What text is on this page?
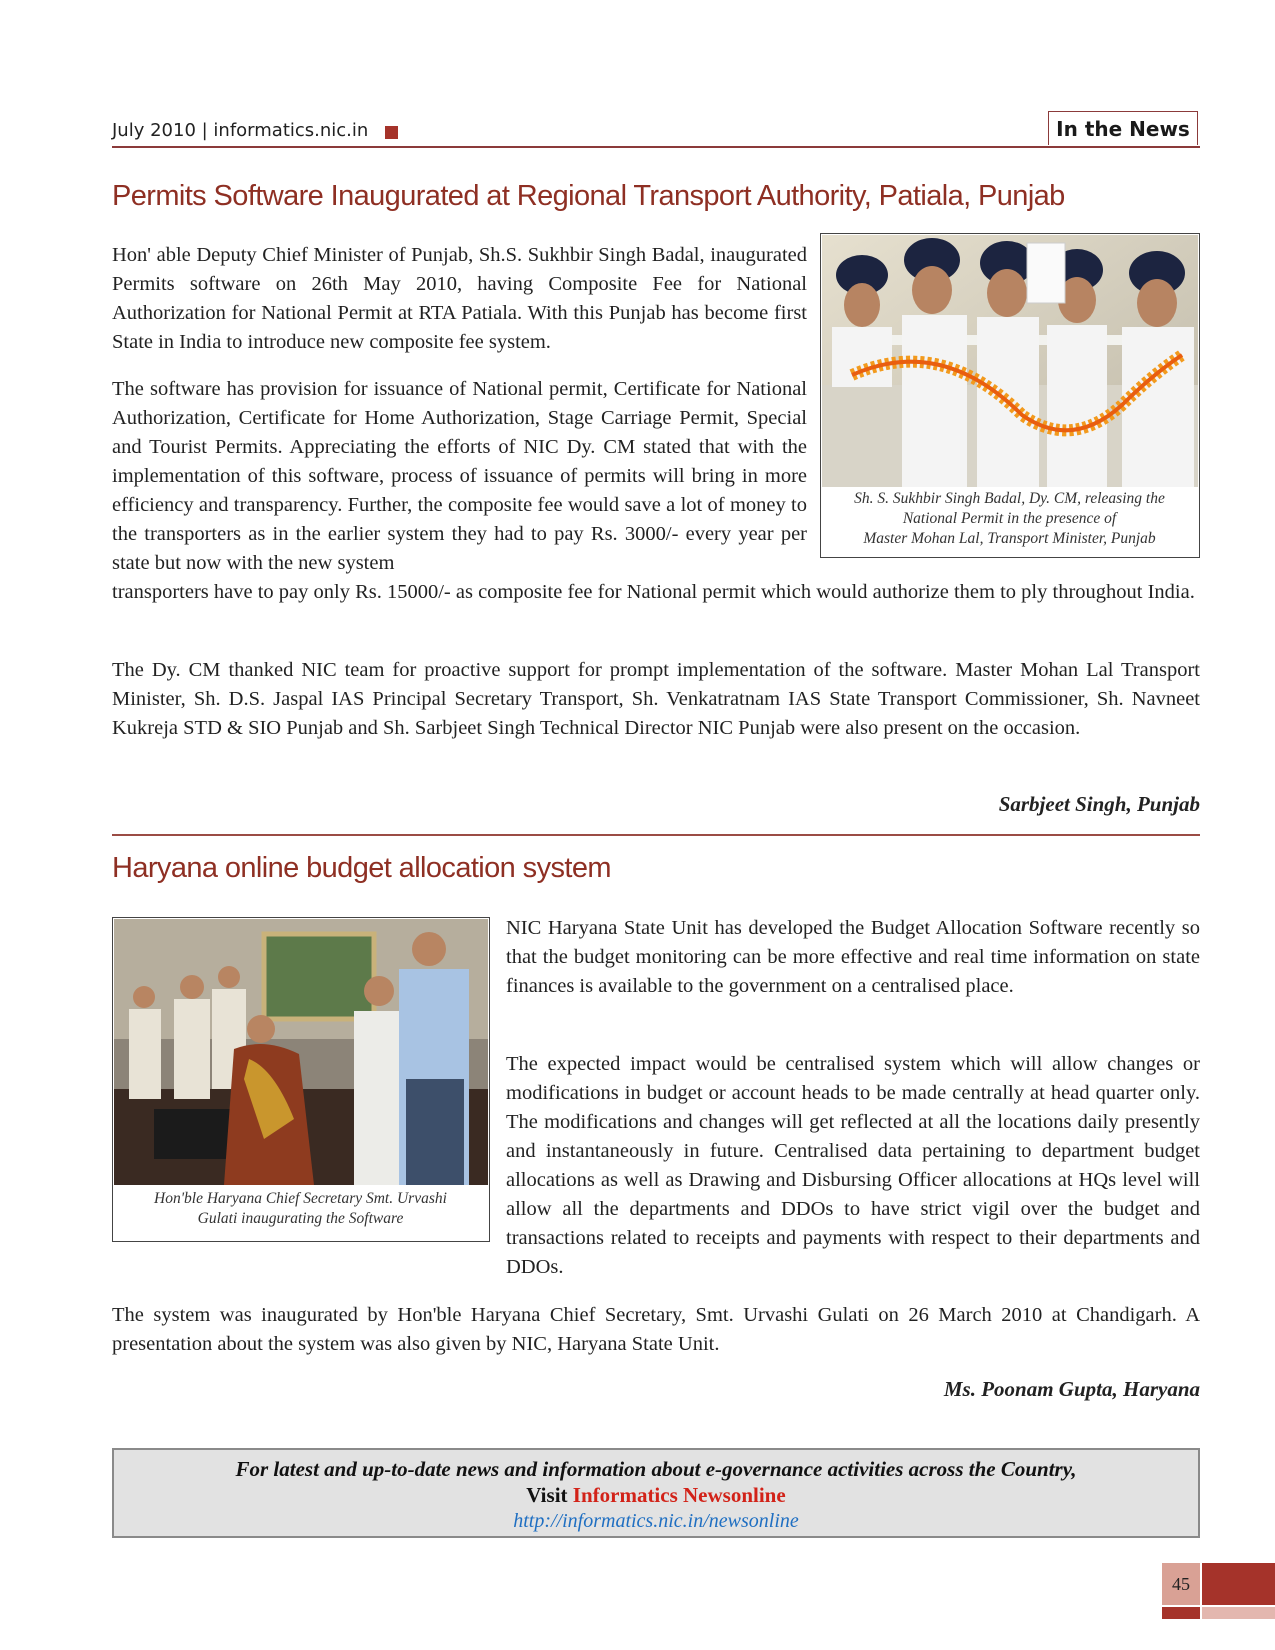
July 2010 | informatics.nic.in	In the News
Permits Software Inaugurated at Regional Transport Authority, Patiala, Punjab
Hon' able Deputy Chief Minister of Punjab, Sh.S. Sukhbir Singh Badal, inaugurated Permits software on 26th May 2010, having Composite Fee for National Authorization for National Permit at RTA Patiala. With this Punjab has become first State in India to introduce new composite fee system.
The software has provision for issuance of National permit, Certificate for National Authorization, Certificate for Home Authorization, Stage Carriage Permit, Special and Tourist Permits. Appreciating the efforts of NIC Dy. CM stated that with the implementation of this software, process of issuance of permits will bring in more efficiency and transparency. Further, the composite fee would save a lot of money to the transporters as in the earlier system they had to pay Rs. 3000/- every year per state but now with the new system
transporters have to pay only Rs. 15000/- as composite fee for National permit which would authorize them to ply throughout India.
The Dy. CM thanked NIC team for proactive support for prompt implementation of the software. Master Mohan Lal Transport Minister, Sh. D.S. Jaspal IAS Principal Secretary Transport, Sh. Venkatratnam IAS State Transport Commissioner, Sh. Navneet Kukreja STD & SIO Punjab and Sh. Sarbjeet Singh Technical Director NIC Punjab were also present on the occasion.
Sh. S. Sukhbir Singh Badal, Dy. CM, releasing the
National Permit in the presence of
Master Mohan Lal, Transport Minister, Punjab
Sarbjeet Singh, Punjab
Haryana online budget allocation system
Hon'ble Haryana Chief Secretary Smt. Urvashi
Gulati inaugurating the Software
NIC Haryana State Unit has developed the Budget Allocation Software recently so that the budget monitoring can be more effective and real time information on state finances is available to the government on a centralised place.
The expected impact would be centralised system which will allow changes or modifications in budget or account heads to be made centrally at head quarter only. The modifications and changes will get reflected at all the locations daily presently and instantaneously in future. Centralised data pertaining to department budget allocations as well as Drawing and Disbursing Officer allocations at HQs level will allow all the departments and DDOs to have strict vigil over the budget and transactions related to receipts and payments with respect to their departments and DDOs.
The system was inaugurated by Hon'ble Haryana Chief Secretary, Smt. Urvashi Gulati on 26 March 2010 at Chandigarh. A presentation about the system was also given by NIC, Haryana State Unit.
Ms. Poonam Gupta, Haryana
For latest and up-to-date news and information about e-governance activities across the Country,
Visit Informatics Newsonline
http://informatics.nic.in/newsonline
45
